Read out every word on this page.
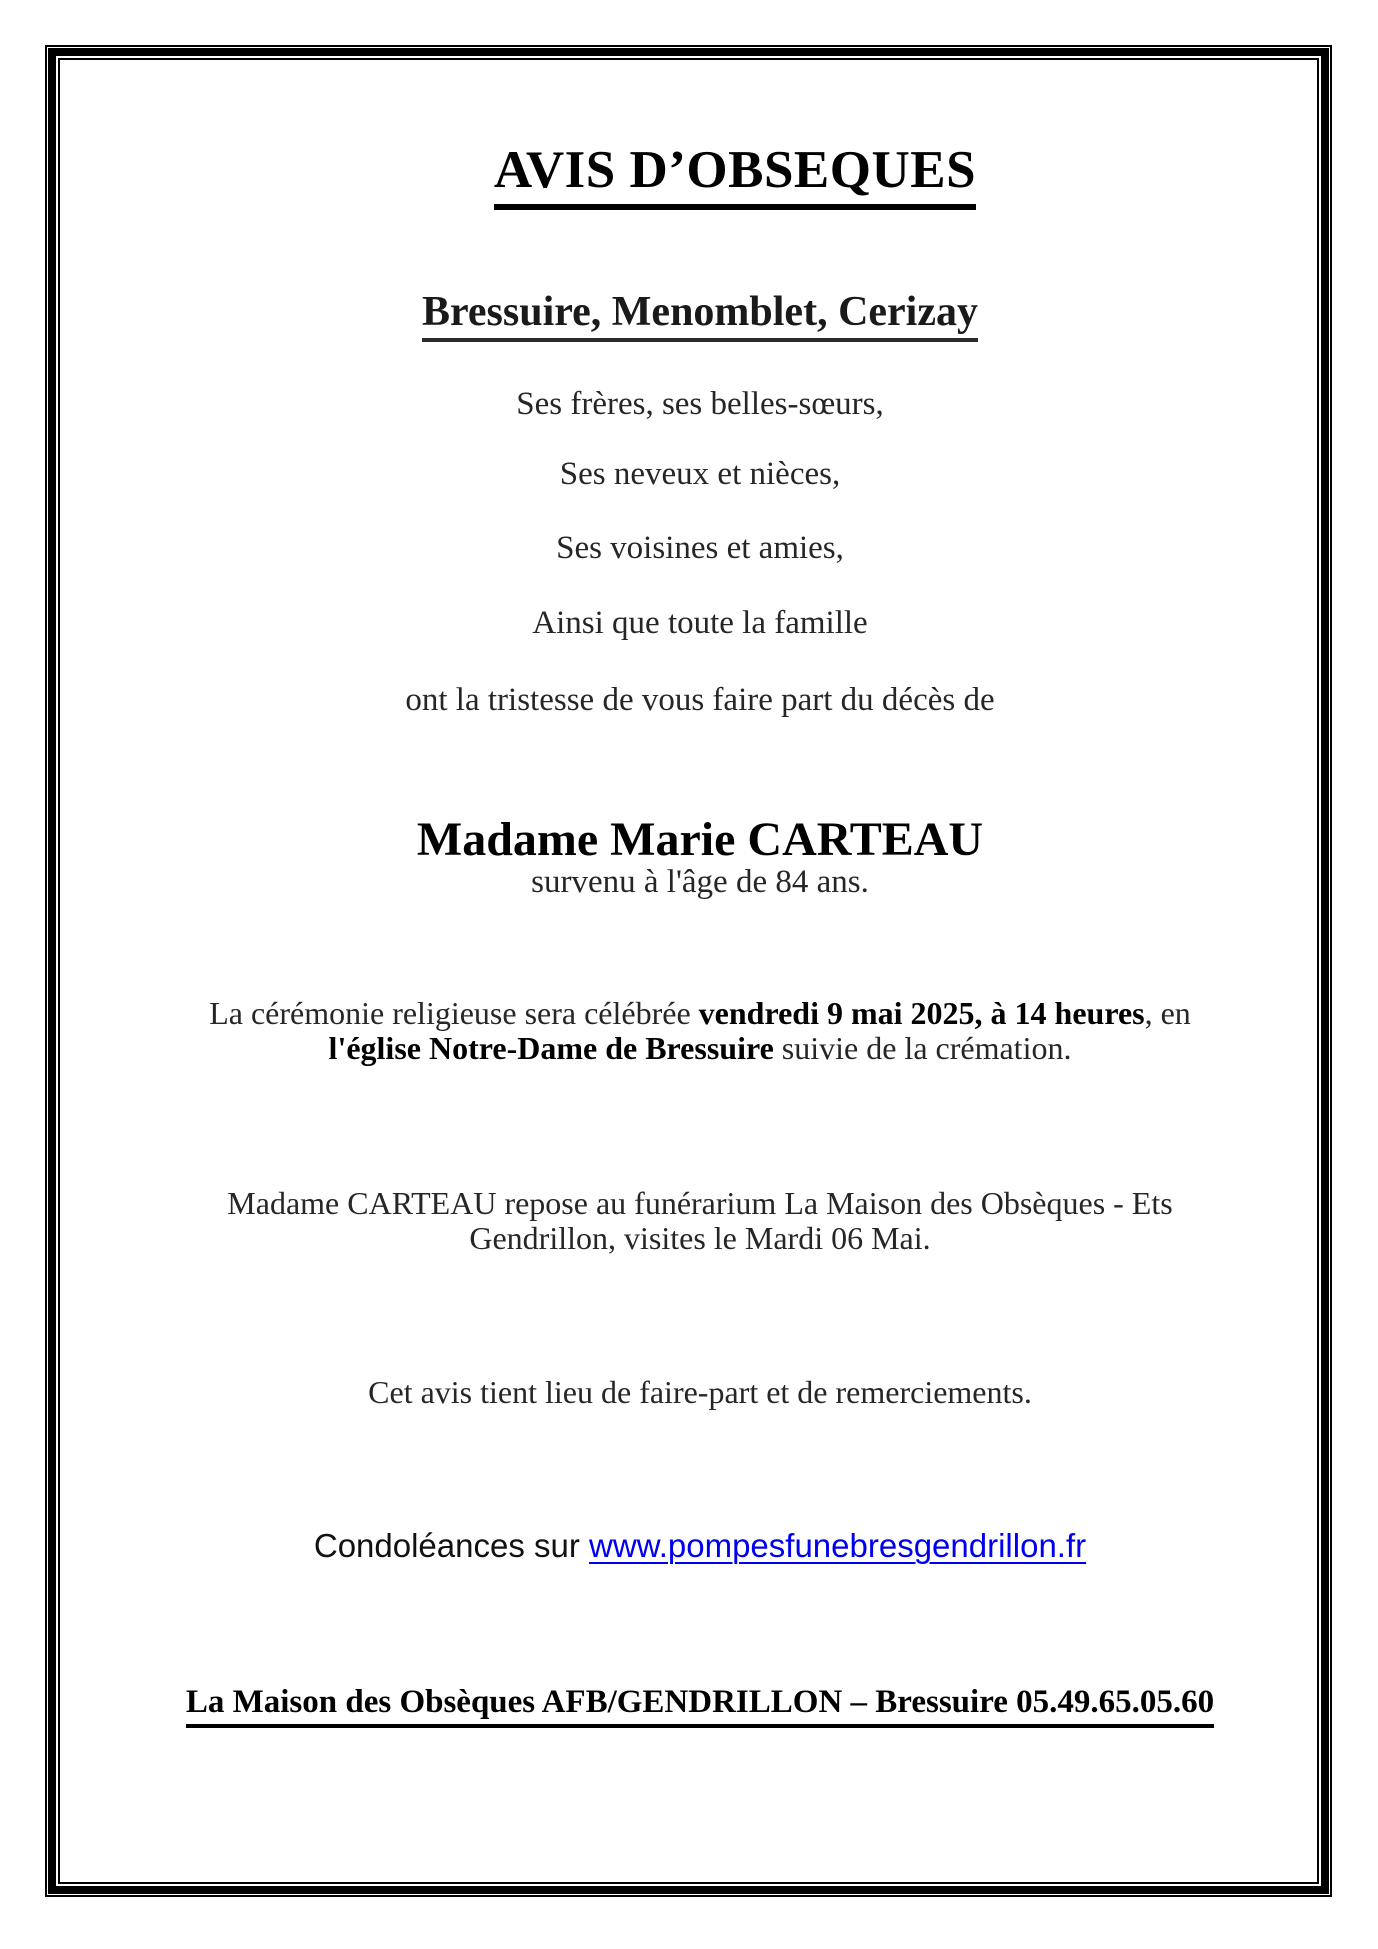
AVIS D’OBSEQUES
Bressuire, Menomblet, Cerizay
Ses frères, ses belles-sœurs,
Ses neveux et nièces,
Ses voisines et amies,
Ainsi que toute la famille
ont la tristesse de vous faire part du décès de
Madame Marie CARTEAU
survenu à l'âge de 84 ans.
La cérémonie religieuse sera célébrée vendredi 9 mai 2025, à 14 heures, en
l'église Notre-Dame de Bressuire suivie de la crémation.
Madame CARTEAU repose au funérarium La Maison des Obsèques - Ets
Gendrillon, visites le Mardi 06 Mai.
Cet avis tient lieu de faire-part et de remerciements.
Condoléances sur www.pompesfunebresgendrillon.fr
La Maison des Obsèques AFB/GENDRILLON – Bressuire 05.49.65.05.60
